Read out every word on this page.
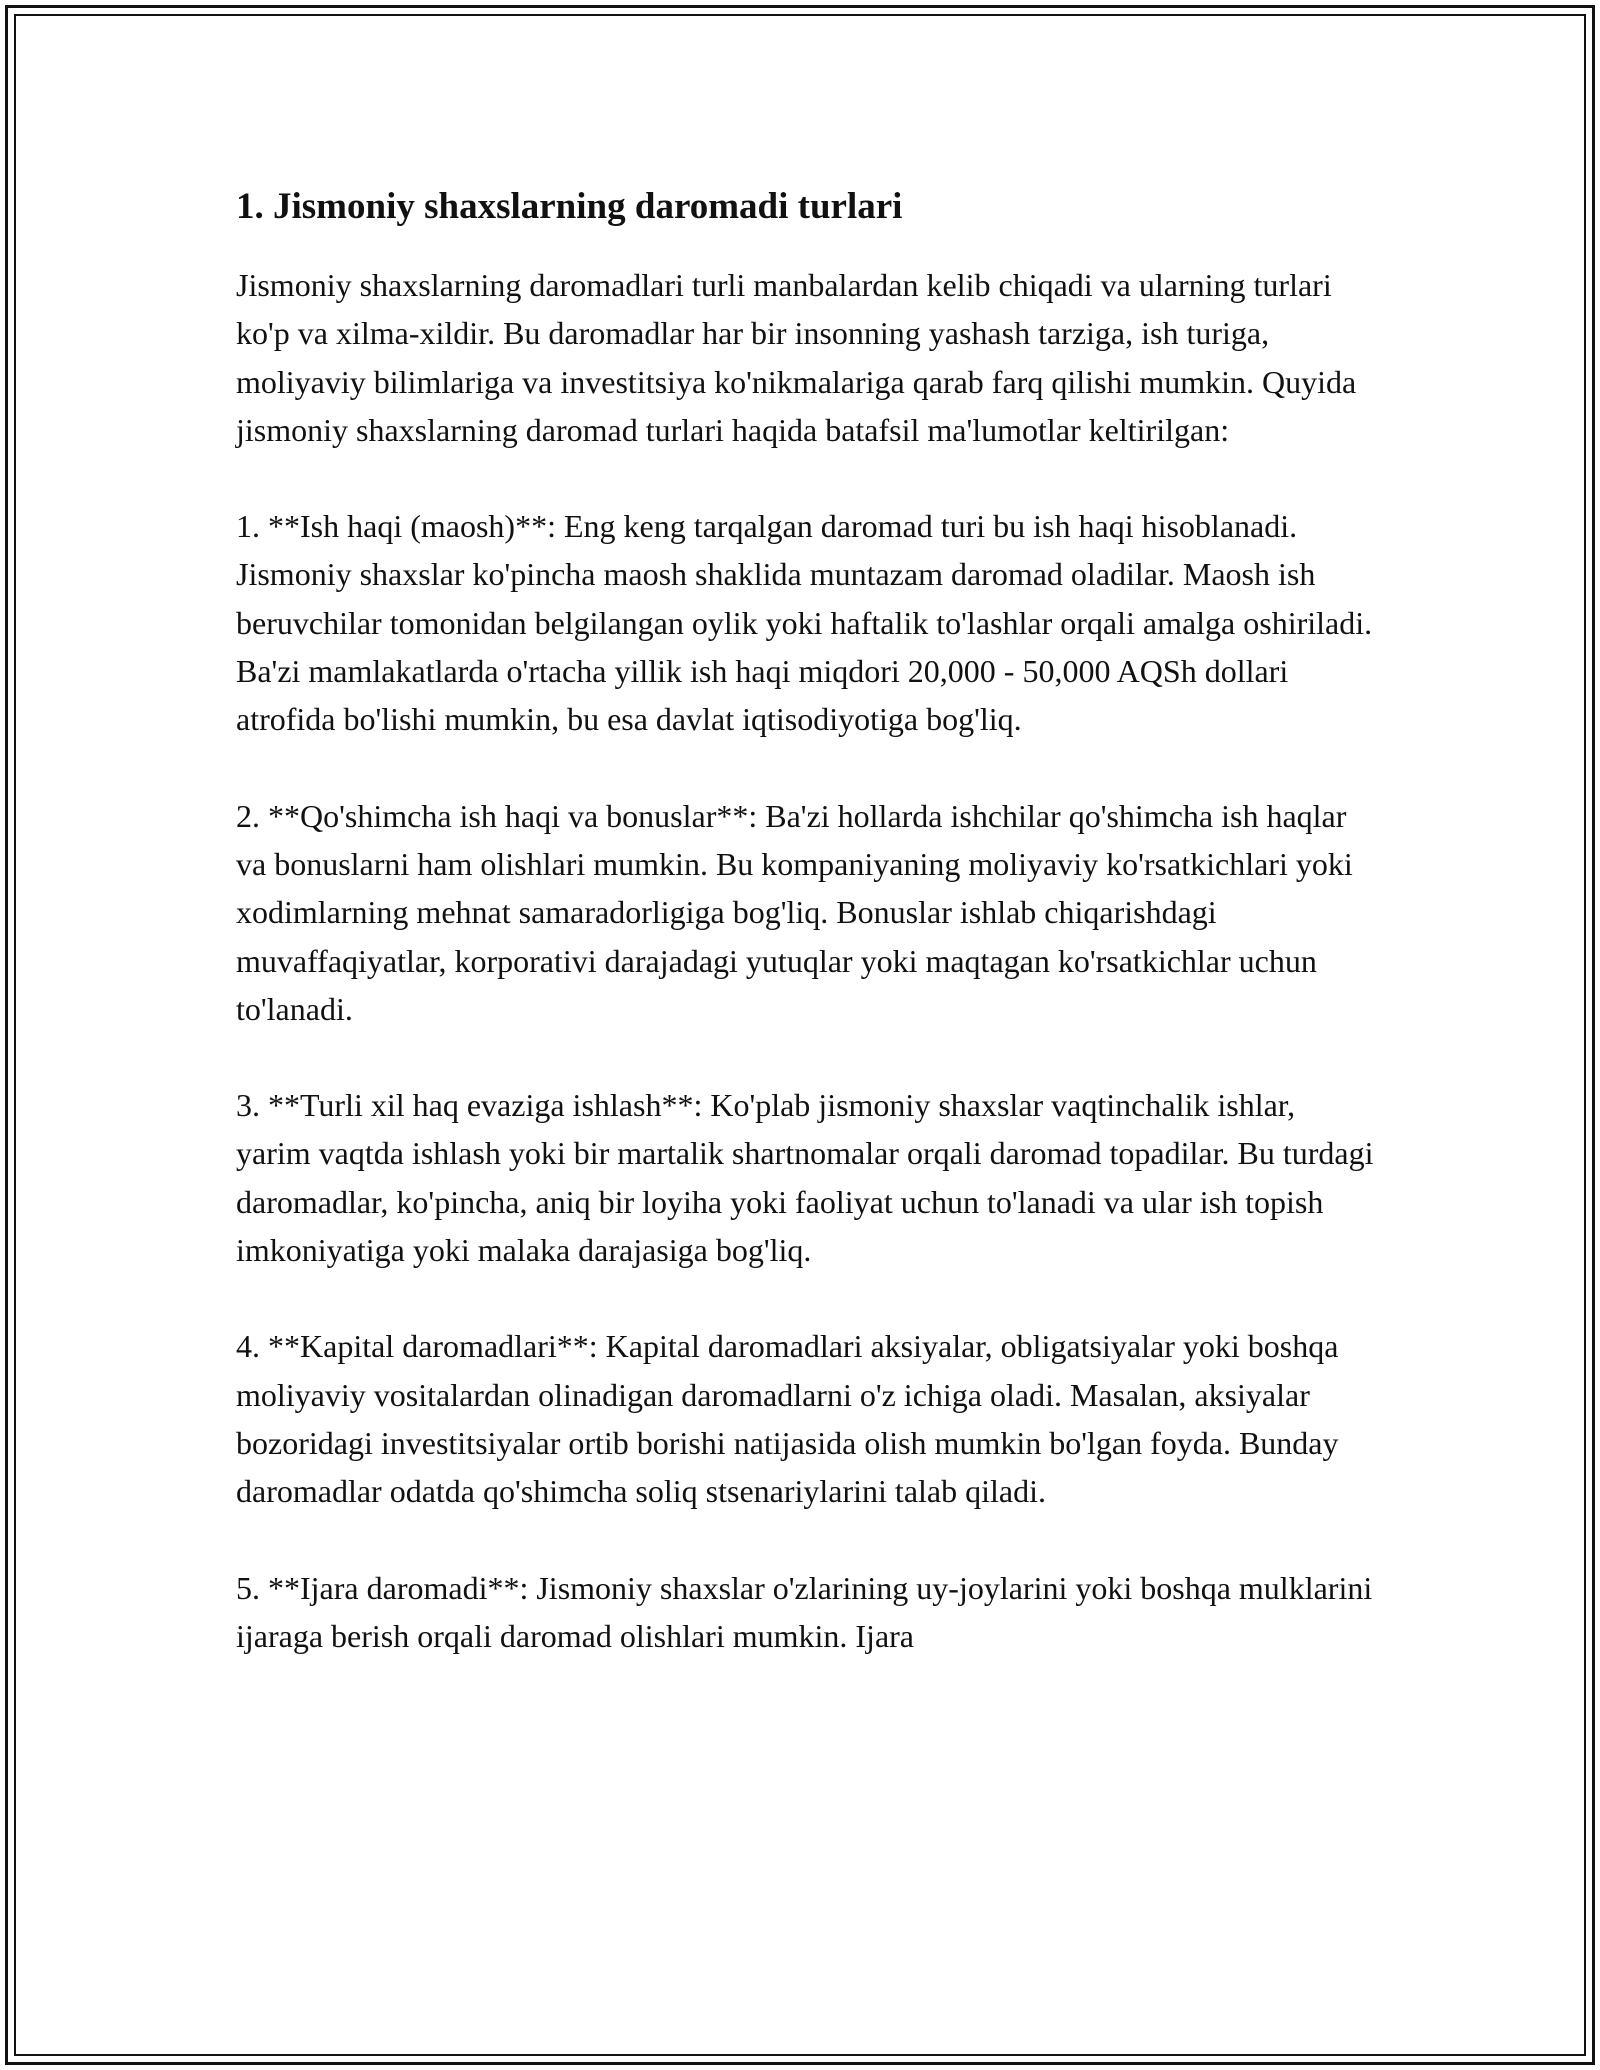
1. Jismoniy shaxslarning daromadi turlari

Jismoniy shaxslarning daromadlari turli manbalardan kelib chiqadi va ularning turlari ko'p va xilma-xildir. Bu daromadlar har bir insonning yashash tarziga, ish turiga, moliyaviy bilimlariga va investitsiya ko'nikmalariga qarab farq qilishi mumkin. Quyida jismoniy shaxslarning daromad turlari haqida batafsil ma'lumotlar keltirilgan:

1. **Ish haqi (maosh)**: Eng keng tarqalgan daromad turi bu ish haqi hisoblanadi. Jismoniy shaxslar ko'pincha maosh shaklida muntazam daromad oladilar. Maosh ish beruvchilar tomonidan belgilangan oylik yoki haftalik to'lashlar orqali amalga oshiriladi. Ba'zi mamlakatlarda o'rtacha yillik ish haqi miqdori 20,000 - 50,000 AQSh dollari atrofida bo'lishi mumkin, bu esa davlat iqtisodiyotiga bog'liq.

2. **Qo'shimcha ish haqi va bonuslar**: Ba'zi hollarda ishchilar qo'shimcha ish haqlar va bonuslarni ham olishlari mumkin. Bu kompaniyaning moliyaviy ko'rsatkichlari yoki xodimlarning mehnat samaradorligiga bog'liq. Bonuslar ishlab chiqarishdagi muvaffaqiyatlar, korporativi darajadagi yutuqlar yoki maqtagan ko'rsatkichlar uchun to'lanadi.

3. **Turli xil haq evaziga ishlash**: Ko'plab jismoniy shaxslar vaqtinchalik ishlar, yarim vaqtda ishlash yoki bir martalik shartnomalar orqali daromad topadilar. Bu turdagi daromadlar, ko'pincha, aniq bir loyiha yoki faoliyat uchun to'lanadi va ular ish topish imkoniyatiga yoki malaka darajasiga bog'liq.

4. **Kapital daromadlari**: Kapital daromadlari aksiyalar, obligatsiyalar yoki boshqa moliyaviy vositalardan olinadigan daromadlarni o'z ichiga oladi. Masalan, aksiyalar bozoridagi investitsiyalar ortib borishi natijasida olish mumkin bo'lgan foyda. Bunday daromadlar odatda qo'shimcha soliq stsenariylarini talab qiladi.

5. **Ijara daromadi**: Jismoniy shaxslar o'zlarining uy-joylarini yoki boshqa mulklarini ijaraga berish orqali daromad olishlari mumkin. Ijara
